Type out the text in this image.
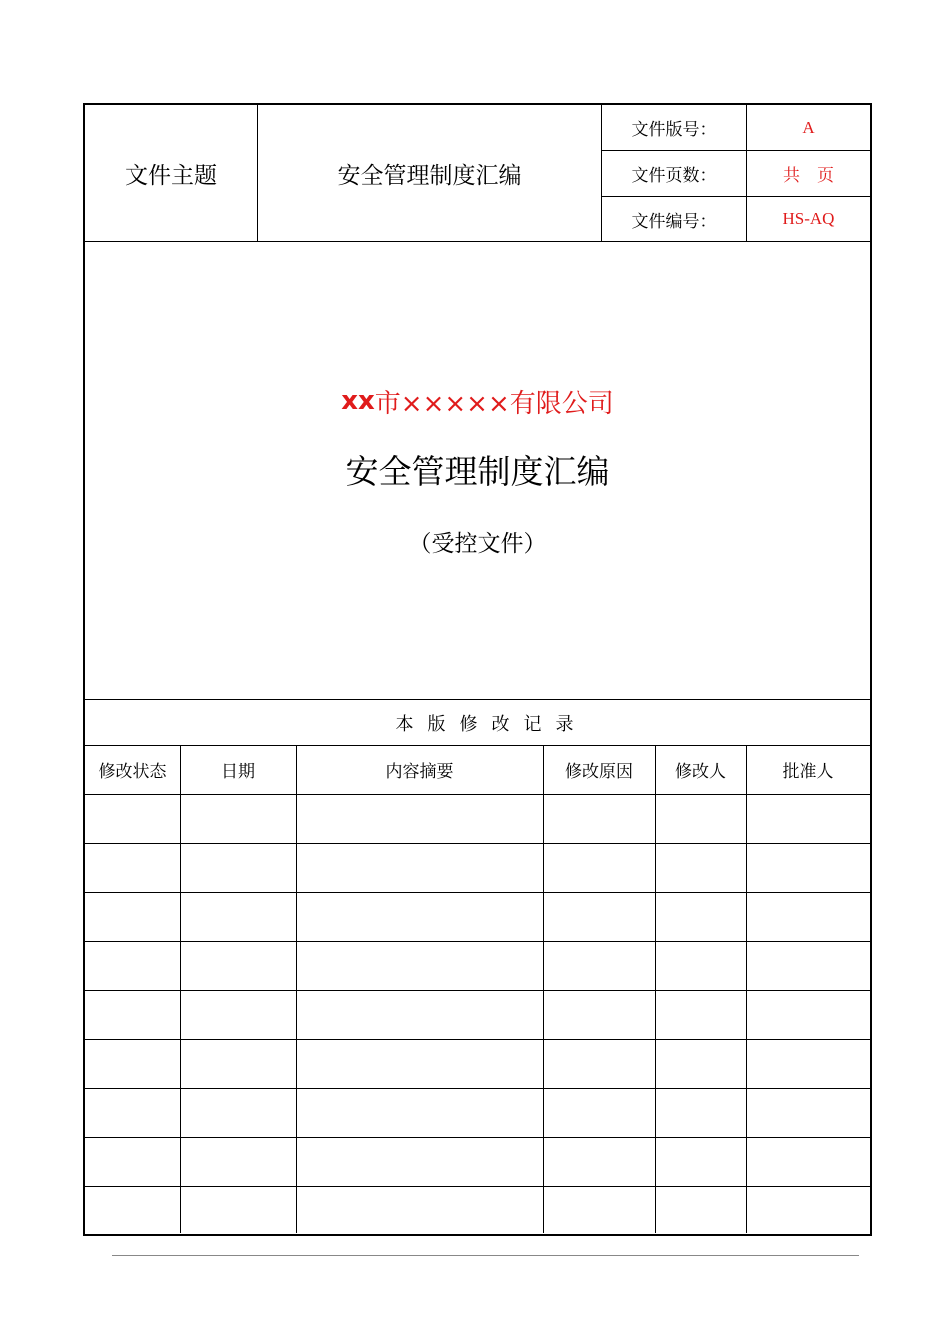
文件主题	安全管理制度汇编
文件版号：	A
文件页数：	共　页
文件编号：	HS-AQ
xx 市×××××有限公司
安全管理制度汇编
（受控文件）
本版修改记录
修改状态	日期	内容摘要	修改原因	修改人	批准人
